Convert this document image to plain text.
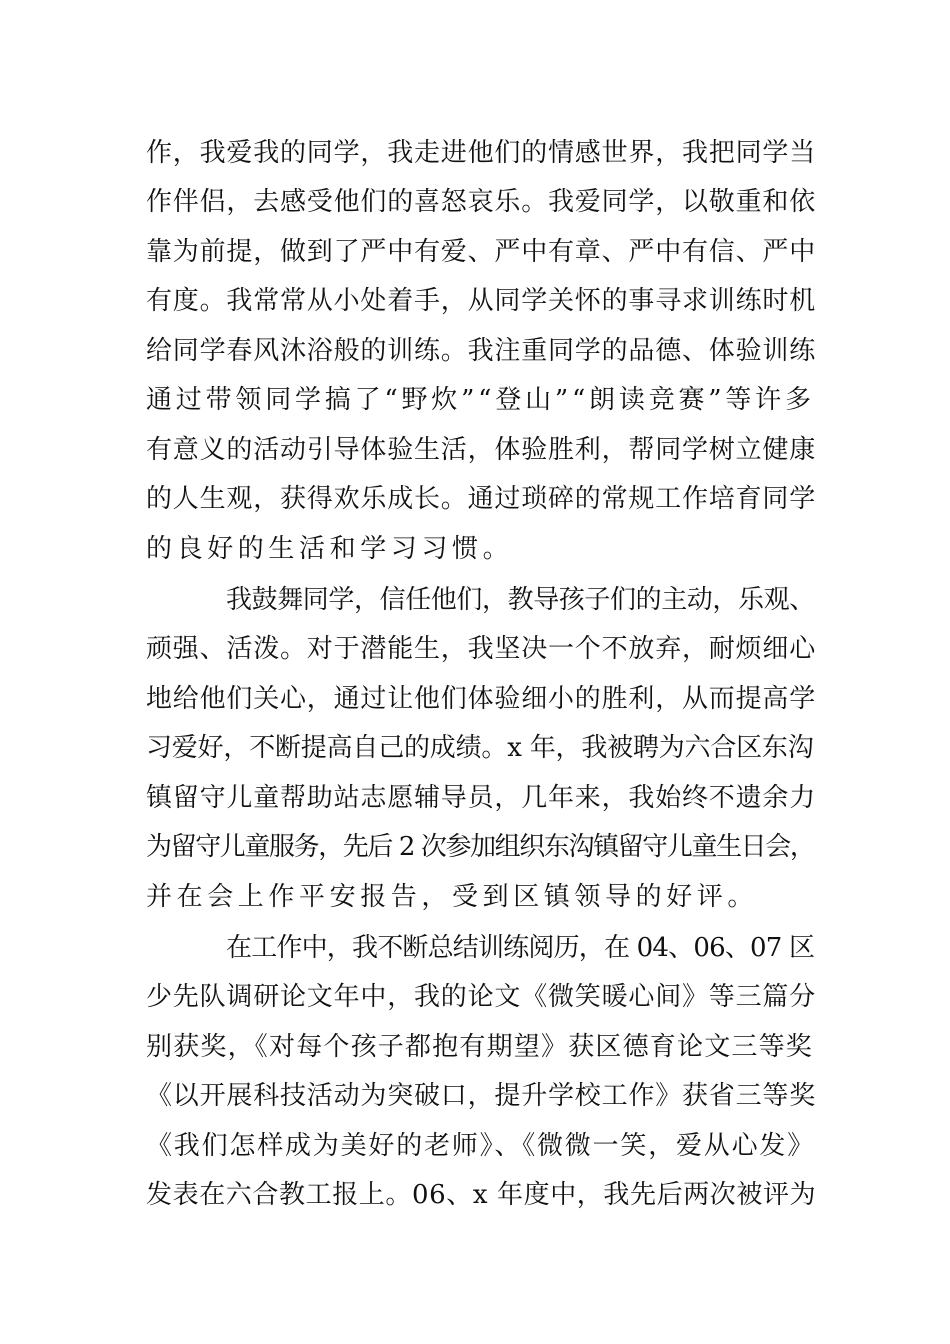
作，我爱我的同学，我走进他们的情感世界，我把同学当
作伴侣，去感受他们的喜怒哀乐。我爱同学，以敬重和依
靠为前提，做到了严中有爱、严中有章、严中有信、严中
有度。我常常从小处着手，从同学关怀的事寻求训练时机
给同学春风沐浴般的训练。我注重同学的品德、体验训练
通过带领同学搞了“野炊”“登山”“朗读竞赛”等许多
有意义的活动引导体验生活，体验胜利，帮同学树立健康
的人生观，获得欢乐成长。通过琐碎的常规工作培育同学
的良好的生活和学习习惯。
我鼓舞同学，信任他们，教导孩子们的主动，乐观、
顽强、活泼。对于潜能生，我坚决一个不放弃，耐烦细心
地给他们关心，通过让他们体验细小的胜利，从而提高学
习爱好，不断提高自己的成绩。x 年，我被聘为六合区东沟
镇留守儿童帮助站志愿辅导员，几年来，我始终不遗余力
为留守儿童服务，先后 2 次参加组织东沟镇留守儿童生日会，
并在会上作平安报告，受到区镇领导的好评。
在工作中，我不断总结训练阅历，在 04、06、07 区
少先队调研论文年中，我的论文《微笑暖心间》等三篇分
别获奖，《对每个孩子都抱有期望》获区德育论文三等奖
《以开展科技活动为突破口，提升学校工作》获省三等奖
《我们怎样成为美好的老师》、《微微一笑，爱从心发》
发表在六合教工报上。06、x 年度中，我先后两次被评为
